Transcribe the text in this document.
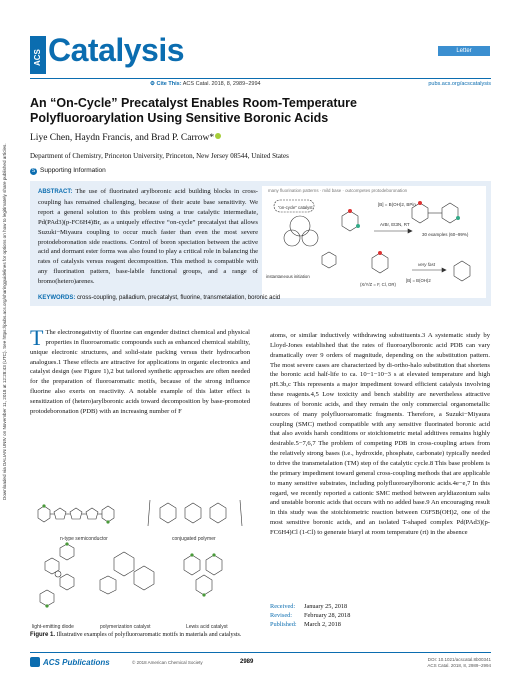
Downloaded via DALIAN UNIV on November 11, 2018 at 12:28:43 (UTC). See https://pubs.acs.org/sharingguidelines for options on how to legitimately share published articles.
ACS Catalysis	Letter
⚙ Cite This: ACS Catal. 2018, 8, 2989−2994	pubs.acs.org/acscatalysis
An “On-Cycle” Precatalyst Enables Room-Temperature Polyfluoroarylation Using Sensitive Boronic Acids
Liye Chen, Haydn Francis, and Brad P. Carrow*
Department of Chemistry, Princeton University, Princeton, New Jersey 08544, United States
S Supporting Information
ABSTRACT: The use of fluorinated arylboronic acid building blocks in cross-coupling has remained challenging, because of their acute base sensitivity. We report a general solution to this problem using a true catalytic intermediate, Pd(PAd3)(p-FC6H4)Br, as a uniquely effective “on-cycle” precatalyst that allows Suzuki−Miyaura coupling to occur much faster than even the most severe protodeboronation side reactions. Control of boron speciation between the active acid and dormant ester forms was also found to play a critical role in balancing the rates of catalysis versus reagent decomposition. This method is compatible with any fluorination pattern, base-labile functional groups, and a range of bromo(hetero)arenes.
many fluorination patterns · mild base · outcompetes protodeboronation
[B] = B(OH)2, BPin
ArBr, Et3N, RT
30 examples (60−99%)
“on-cycle” catalyst
instantaneous initiation
very fast
(X/Y/Z = F, Cl, OR)
[B] = B(OH)2
KEYWORDS: cross-coupling, palladium, precatalyst, fluorine, transmetalation, boronic acid
T The electronegativity of fluorine can engender distinct chemical and physical properties in fluoroaromatic compounds such as enhanced chemical stability, unique electronic structures, and solid-state packing versus their hydrocarbon analogues.1 These effects are attractive for applications in organic electronics and catalyst design (see Figure 1),2 but tailored synthetic approaches are often needed for the preparation of fluoroaromatic motifs, because of the strong influence fluorine also exerts on reactivity. A notable example of this latter effect is sensitization of (hetero)arylboronic acids toward decomposition by base-promoted protodeboronation (PDB) with an increasing number of F
atoms, or similar inductively withdrawing substituents.3 A systematic study by Lloyd-Jones established that the rates of fluoroarylboronic acid PDB can vary dramatically over 9 orders of magnitude, depending on the substitution pattern. The most severe cases are characterized by di-ortho-halo substitution that shortens the boronic acid half-life to ca. 10−1−10−3 s at elevated temperature and high pH.3b,c This represents a major impediment toward efficient catalysis involving these reagents.4,5 Low toxicity and bench stability are nevertheless attractive features of boronic acids, and they remain the only commercial organometallic sources of many polyfluoroaromatic fragments. Therefore, a Suzuki−Miyaura coupling (SMC) method compatible with any sensitive fluorinated boronic acid that also avoids harsh conditions or stoichiometric metal additives remains highly desirable.5−7,6,7 The problem of competing PDB in cross-coupling arises from the relatively strong bases (i.e., hydroxide, phosphate, carbonate) typically needed to drive the transmetalation (TM) step of the catalytic cycle.8 This base problem is the primary impediment toward general cross-coupling methods that are applicable to many sensitive substrates, including polyfluoroarylboronic acids.4e−e,7 In this regard, we recently reported a cationic SMC method between aryldiazonium salts and unstable boronic acids that occurs with no added base.9 An encouraging result in this study was the stoichiometric reaction between C6F5B(OH)2, one of the most sensitive boronic acids, and an isolated T-shaped complex Pd(PAd3)(p-FC6H4)Cl (1-Cl) to generate biaryl at room temperature (rt) in the absence
n-type semiconductor	conjugated polymer
light-emitting diode	polymerization catalyst	Lewis acid catalyst
Figure 1. Illustrative examples of polyfluoroaromatic motifs in materials and catalysts.
Received: January 25, 2018
Revised: February 28, 2018
Published: March 2, 2018
ACS Publications	© 2018 American Chemical Society	2989	DOI: 10.1021/acscatal.8b00341
ACS Catal. 2018, 8, 2989−2994
